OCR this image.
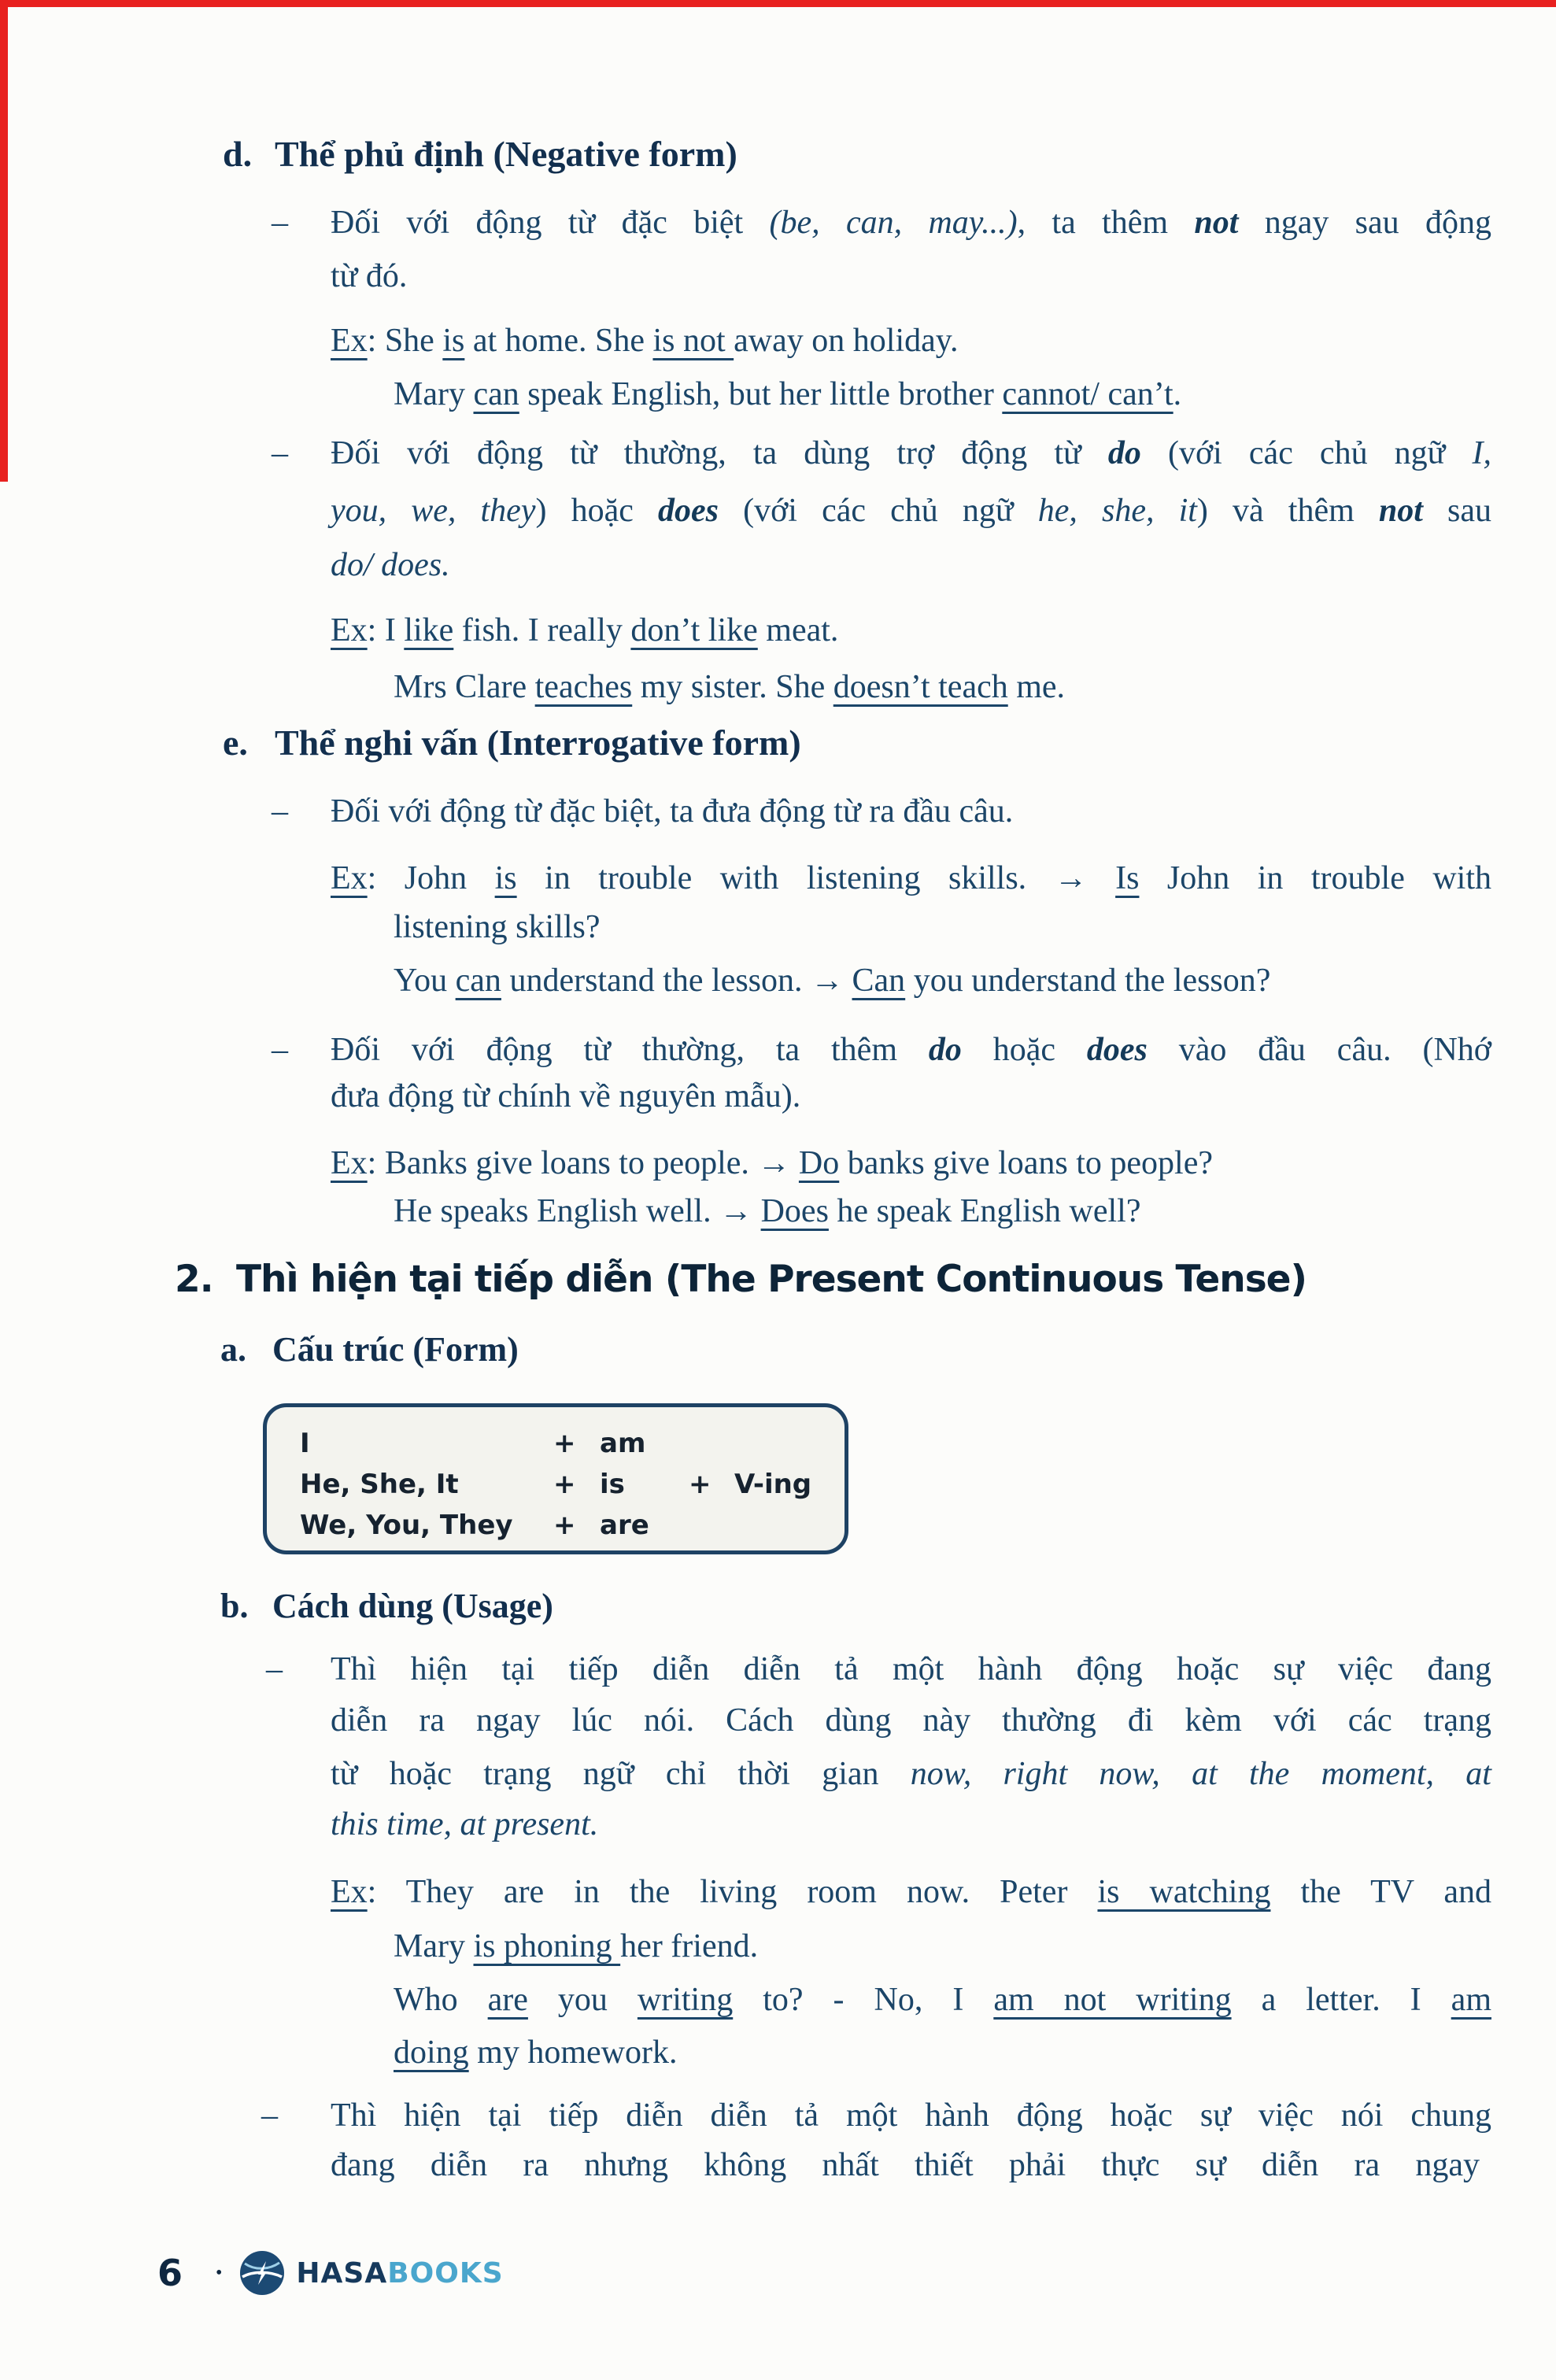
d. Thể phủ định (Negative form)
– Đối với động từ đặc biệt (be, can, may...), ta thêm not ngay sau động
từ đó.
Ex: She is at home. She is not away on holiday.
Mary can speak English, but her little brother cannot/ can’t.
– Đối với động từ thường, ta dùng trợ động từ do (với các chủ ngữ I,
you, we, they) hoặc does (với các chủ ngữ he, she, it) và thêm not sau
do/ does.
Ex: I like fish. I really don’t like meat.
Mrs Clare teaches my sister. She doesn’t teach me.
e. Thể nghi vấn (Interrogative form)
– Đối với động từ đặc biệt, ta đưa động từ ra đầu câu.
Ex: John is in trouble with listening skills. → Is John in trouble with
listening skills?
You can understand the lesson. → Can you understand the lesson?
– Đối với động từ thường, ta thêm do hoặc does vào đầu câu. (Nhớ
đưa động từ chính về nguyên mẫu).
Ex: Banks give loans to people. → Do banks give loans to people?
He speaks English well. → Does he speak English well?
2. Thì hiện tại tiếp diễn (The Present Continuous Tense)
a. Cấu trúc (Form)
I	+ am
He, She, It	+ is + V-ing
We, You, They + are
b. Cách dùng (Usage)
– Thì hiện tại tiếp diễn diễn tả một hành động hoặc sự việc đang
diễn ra ngay lúc nói. Cách dùng này thường đi kèm với các trạng
từ hoặc trạng ngữ chỉ thời gian now, right now, at the moment, at
this time, at present.
Ex: They are in the living room now. Peter is watching the TV and
Mary is phoning her friend.
Who are you writing to? - No, I am not writing a letter. I am
doing my homework.
– Thì hiện tại tiếp diễn diễn tả một hành động hoặc sự việc nói chung
đang diễn ra nhưng không nhất thiết phải thực sự diễn ra ngay
6 •	HASABOOKS
